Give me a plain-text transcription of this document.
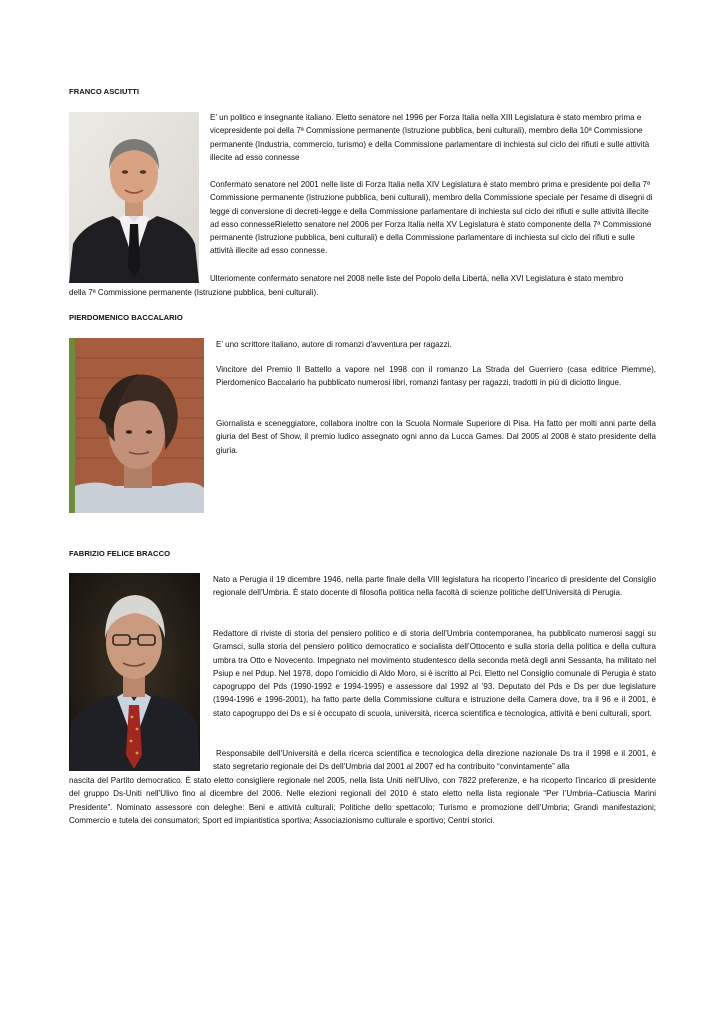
FRANCO ASCIUTTI

E’ un politico e insegnante italiano. Eletto senatore nel 1996 per Forza Italia nella XIII Legislatura è stato membro prima e vicepresidente poi della 7ª Commissione permanente (Istruzione pubblica, beni culturali), membro della 10ª Commissione permanente (Industria, commercio, turismo) e della Commissione parlamentare di inchiesta sul ciclo dei rifiuti e sulle attività illecite ad esso connesse

Confermato senatore nel 2001 nelle liste di Forza Italia nella XIV Legislatura è stato membro prima e presidente poi della 7ª Commissione permanente (Istruzione pubblica, beni culturali), membro della Commissione speciale per l'esame di disegni di legge di conversione di decreti-legge e della Commissione parlamentare di inchiesta sul ciclo dei rifiuti e sulle attività illecite ad esso connesseRieletto senatore nel 2006 per Forza Italia nella XV Legislatura è stato componente della 7ª Commissione permanente (Istruzione pubblica, beni culturali) e della Commissione parlamentare di inchiesta sul ciclo dei rifiuti e sulle attività illecite ad esso connesse.

Ulteriomente confermato senatore nel 2008 nelle liste del Popolo della Libertà, nella XVI Legislatura è stato membro

della 7ª Commissione permanente (Istruzione pubblica, beni culturali).

PIERDOMENICO BACCALARIO

E’ uno scrittore italiano, autore di romanzi d'avventura per ragazzi.

Vincitore del Premio Il Battello a vapore nel 1998 con il romanzo La Strada del Guerriero (casa editrice Piemme), Pierdomenico Baccalario ha pubblicato numerosi libri, romanzi fantasy per ragazzi, tradotti in più di diciotto lingue.

Giornalista e sceneggiatore, collabora inoltre con la Scuola Normale Superiore di Pisa. Ha fatto per molti anni parte della giuria del Best of Show, il premio ludico assegnato ogni anno da Lucca Games. Dal 2005 al 2008 è stato presidente della giuria.

FABRIZIO FELICE BRACCO

Nato a Perugia il 19 dicembre 1946, nella parte finale della VIII legislatura ha ricoperto l’incarico di presidente del Consiglio regionale dell’Umbria. È stato docente di filosofia politica nella facoltà di scienze politiche dell’Università di Perugia.

Redattore di riviste di storia del pensiero politico e di storia dell’Umbria contemporanea, ha pubblicato numerosi saggi su Gramsci, sulla storia del pensiero politico democratico e socialista dell’Ottocento e sulla storia della politica e della cultura umbra tra Otto e Novecento. Impegnato nel movimento studentesco della seconda metà degli anni Sessanta, ha militato nel Psiup e nel Pdup. Nel 1978, dopo l’omicidio di Aldo Moro, si è iscritto al Pci. Eletto nel Consiglio comunale di Perugia è stato capogruppo del Pds (1990-1992 e 1994-1995) e assessore dal 1992 al ’93. Deputato del Pds e Ds per due legislature (1994-1996 e 1996-2001), ha fatto parte della Commissione cultura e istruzione della Camera dove, tra il 96 e il 2001, è stato capogruppo dei Ds e si è occupato di scuola, università, ricerca scientifica e tecnologica, attività e beni culturali, sport.

Responsabile dell’Università e della ricerca scientifica e tecnologica della direzione nazionale Ds tra il 1998 e il 2001, è stato segretario regionale dei Ds dell’Umbria dal 2001 al 2007 ed ha contribuito “convintamente” alla

nascita del Partito democratico. È stato eletto consigliere regionale nel 2005, nella lista Uniti nell’Ulivo, con 7822 preferenze, e ha ricoperto l’incarico di presidente del gruppo Ds-Uniti nell’Ulivo fino al dicembre del 2006. Nelle elezioni regionali del 2010 è stato eletto nella lista regionale “Per l’Umbria–Catiuscia Marini Presidente”. Nominato assessore con deleghe: Beni e attività culturali; Politiche dello spettacolo; Turismo e promozione dell’Umbria; Grandi manifestazioni; Commercio e tutela dei consumatori; Sport ed impiantistica sportiva; Associazionismo culturale e sportivo; Centri storici.
